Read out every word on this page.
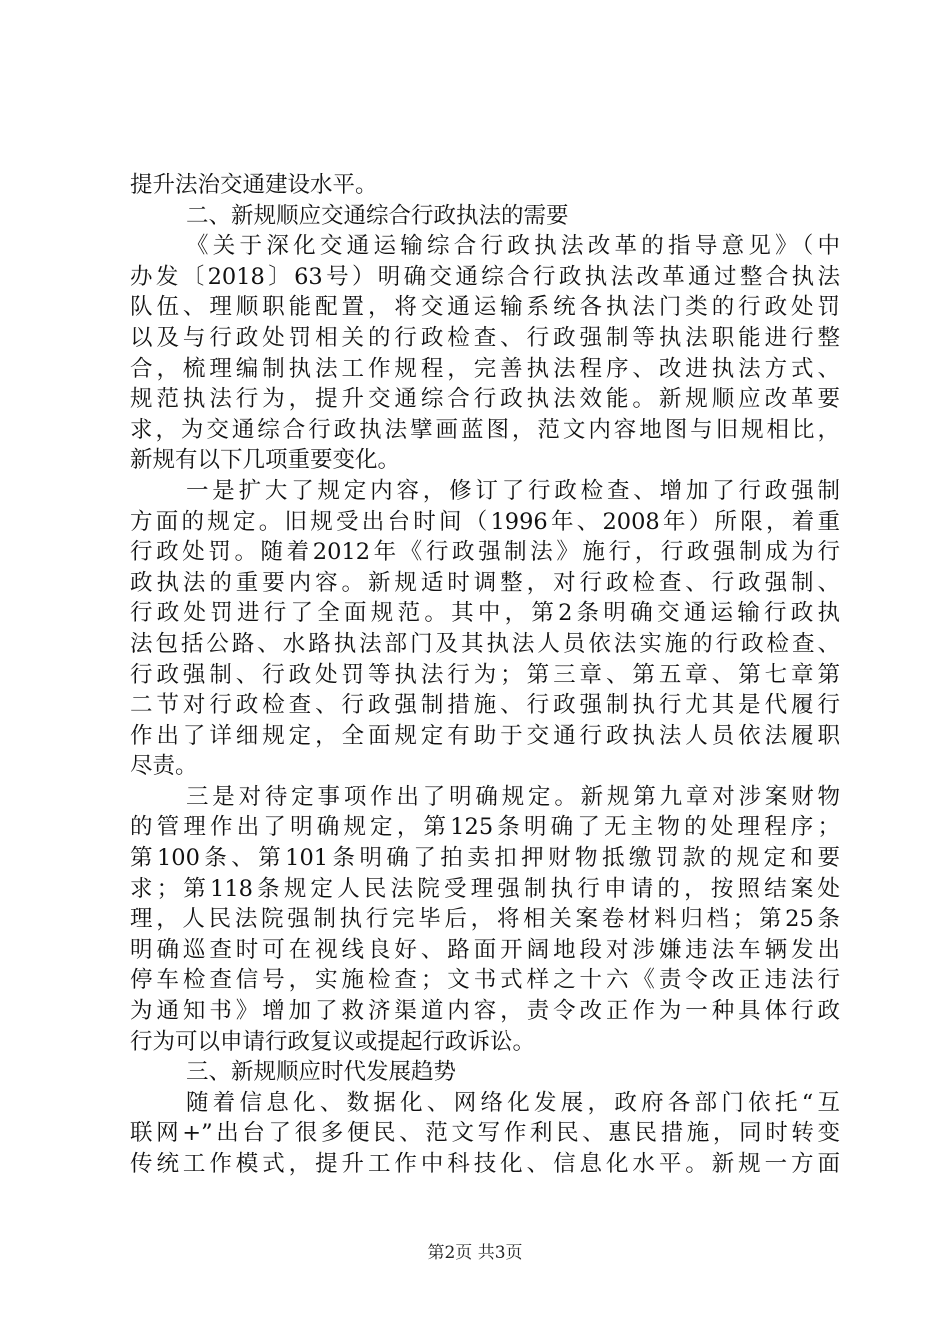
提升法治交通建设水平。
二、新规顺应交通综合行政执法的需要
《关于深化交通运输综合行政执法改革的指导意见》（中
办发〔2018〕63号）明确交通综合行政执法改革通过整合执法
队伍、理顺职能配置，将交通运输系统各执法门类的行政处罚
以及与行政处罚相关的行政检查、行政强制等执法职能进行整
合，梳理编制执法工作规程，完善执法程序、改进执法方式、
规范执法行为，提升交通综合行政执法效能。新规顺应改革要
求，为交通综合行政执法擘画蓝图，范文内容地图与旧规相比，
新规有以下几项重要变化。
一是扩大了规定内容，修订了行政检查、增加了行政强制
方面的规定。旧规受出台时间（1996年、2008年）所限，着重
行政处罚。随着2012年《行政强制法》施行，行政强制成为行
政执法的重要内容。新规适时调整，对行政检查、行政强制、
行政处罚进行了全面规范。其中，第2条明确交通运输行政执
法包括公路、水路执法部门及其执法人员依法实施的行政检查、
行政强制、行政处罚等执法行为；第三章、第五章、第七章第
二节对行政检查、行政强制措施、行政强制执行尤其是代履行
作出了详细规定，全面规定有助于交通行政执法人员依法履职
尽责。
三是对待定事项作出了明确规定。新规第九章对涉案财物
的管理作出了明确规定，第125条明确了无主物的处理程序；
第100条、第101条明确了拍卖扣押财物抵缴罚款的规定和要
求；第118条规定人民法院受理强制执行申请的，按照结案处
理，人民法院强制执行完毕后，将相关案卷材料归档；第25条
明确巡查时可在视线良好、路面开阔地段对涉嫌违法车辆发出
停车检查信号，实施检查；文书式样之十六《责令改正违法行
为通知书》增加了救济渠道内容，责令改正作为一种具体行政
行为可以申请行政复议或提起行政诉讼。
三、新规顺应时代发展趋势
随着信息化、数据化、网络化发展，政府各部门依托“互
联网+”出台了很多便民、范文写作利民、惠民措施，同时转变
传统工作模式，提升工作中科技化、信息化水平。新规一方面
第2页 共3页
